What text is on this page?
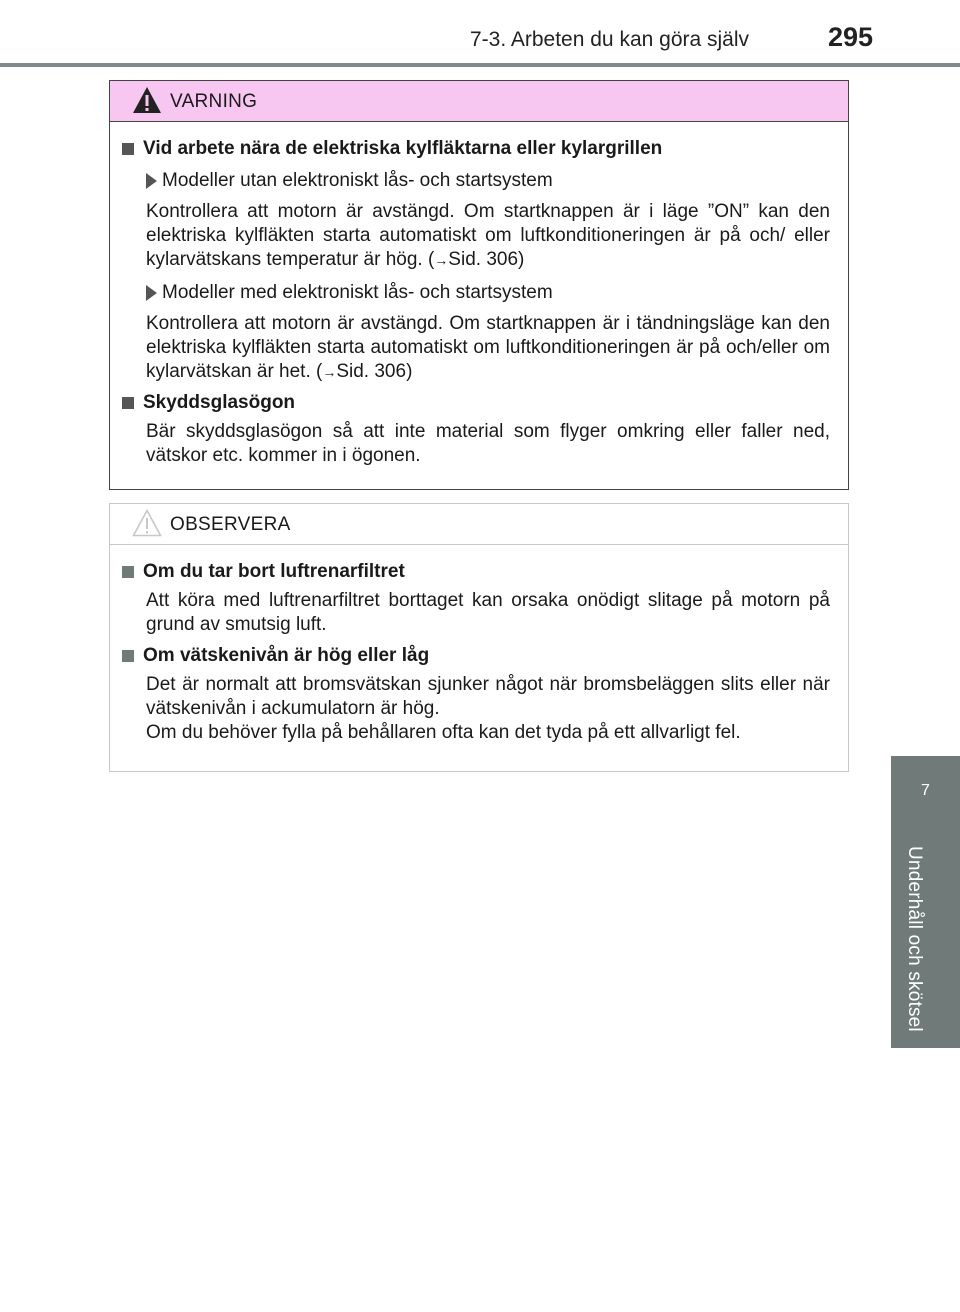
7-3. Arbeten du kan göra själv	295
7
Underhåll och skötsel
VARNING
Vid arbete nära de elektriska kylfläktarna eller kylargrillen
Modeller utan elektroniskt lås- och startsystem

Kontrollera att motorn är avstängd. Om startknappen är i läge ”ON” kan den elektriska kylfläkten starta automatiskt om luftkonditioneringen är på och/ eller kylarvätskans temperatur är hög. (→Sid. 306)

Modeller med elektroniskt lås- och startsystem

Kontrollera att motorn är avstängd. Om startknappen är i tändningsläge kan den elektriska kylfläkten starta automatiskt om luftkonditioneringen är på och/eller om kylarvätskan är het. (→Sid. 306)

Skyddsglasögon

Bär skyddsglasögon så att inte material som flyger omkring eller faller ned, vätskor etc. kommer in i ögonen.

OBSERVERA
Om du tar bort luftrenarfiltret

Att köra med luftrenarfiltret borttaget kan orsaka onödigt slitage på motorn på grund av smutsig luft.

Om vätskenivån är hög eller låg

Det är normalt att bromsvätskan sjunker något när bromsbeläggen slits eller när vätskenivån i ackumulatorn är hög.
Om du behöver fylla på behållaren ofta kan det tyda på ett allvarligt fel.
